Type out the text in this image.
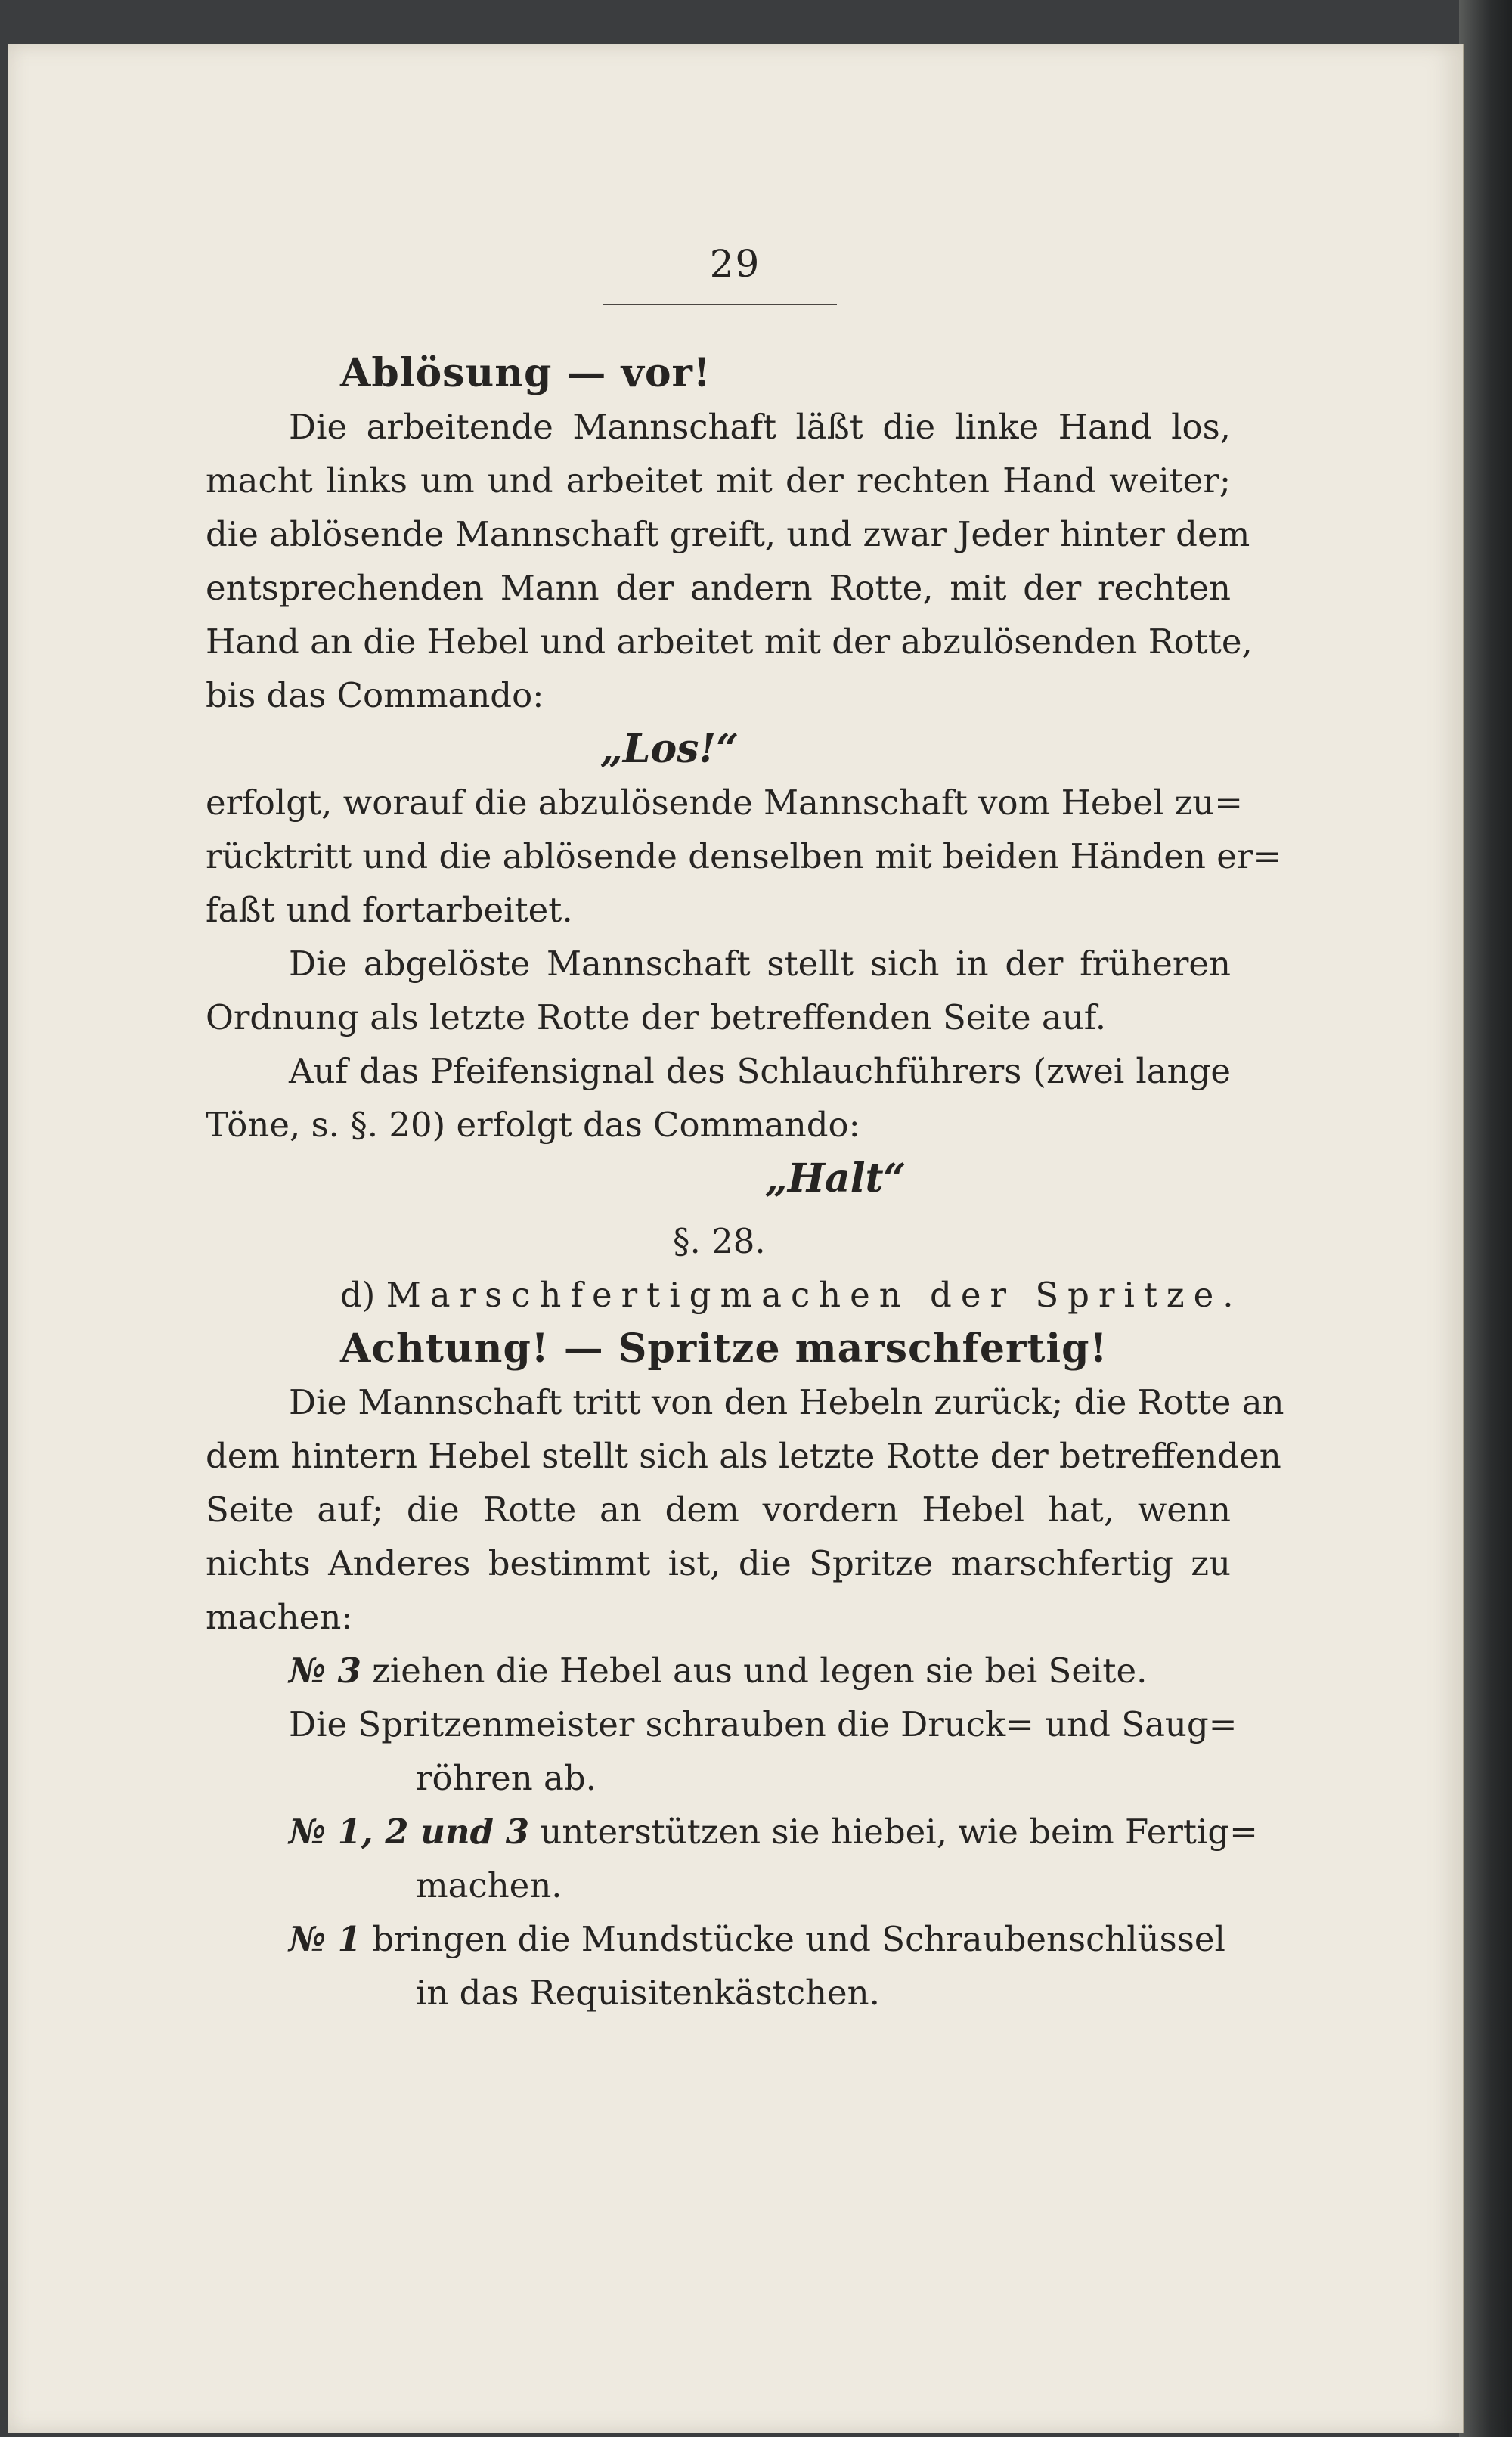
29
Ablösung — vor!
Die arbeitende Mannschaft läßt die linke Hand los,
macht links um und arbeitet mit der rechten Hand weiter;
die ablösende Mannschaft greift, und zwar Jeder hinter dem
entsprechenden Mann der andern Rotte, mit der rechten
Hand an die Hebel und arbeitet mit der abzulösenden Rotte,
bis das Commando:
„Los!“
erfolgt, worauf die abzulösende Mannschaft vom Hebel zu=
rücktritt und die ablösende denselben mit beiden Händen er=
faßt und fortarbeitet.
Die abgelöste Mannschaft stellt sich in der früheren
Ordnung als letzte Rotte der betreffenden Seite auf.
Auf das Pfeifensignal des Schlauchführers (zwei lange
Töne, s. §. 20) erfolgt das Commando:
„Halt“
§. 28.
d) Marschfertigmachen der Spritze.
Achtung! — Spritze marschfertig!
Die Mannschaft tritt von den Hebeln zurück; die Rotte an
dem hintern Hebel stellt sich als letzte Rotte der betreffenden
Seite auf; die Rotte an dem vordern Hebel hat, wenn
nichts Anderes bestimmt ist, die Spritze marschfertig zu
machen:
№ 3 ziehen die Hebel aus und legen sie bei Seite.
Die Spritzenmeister schrauben die Druck= und Saug=
röhren ab.
№ 1, 2 und 3 unterstützen sie hiebei, wie beim Fertig=
machen.
№ 1 bringen die Mundstücke und Schraubenschlüssel
in das Requisitenkästchen.
